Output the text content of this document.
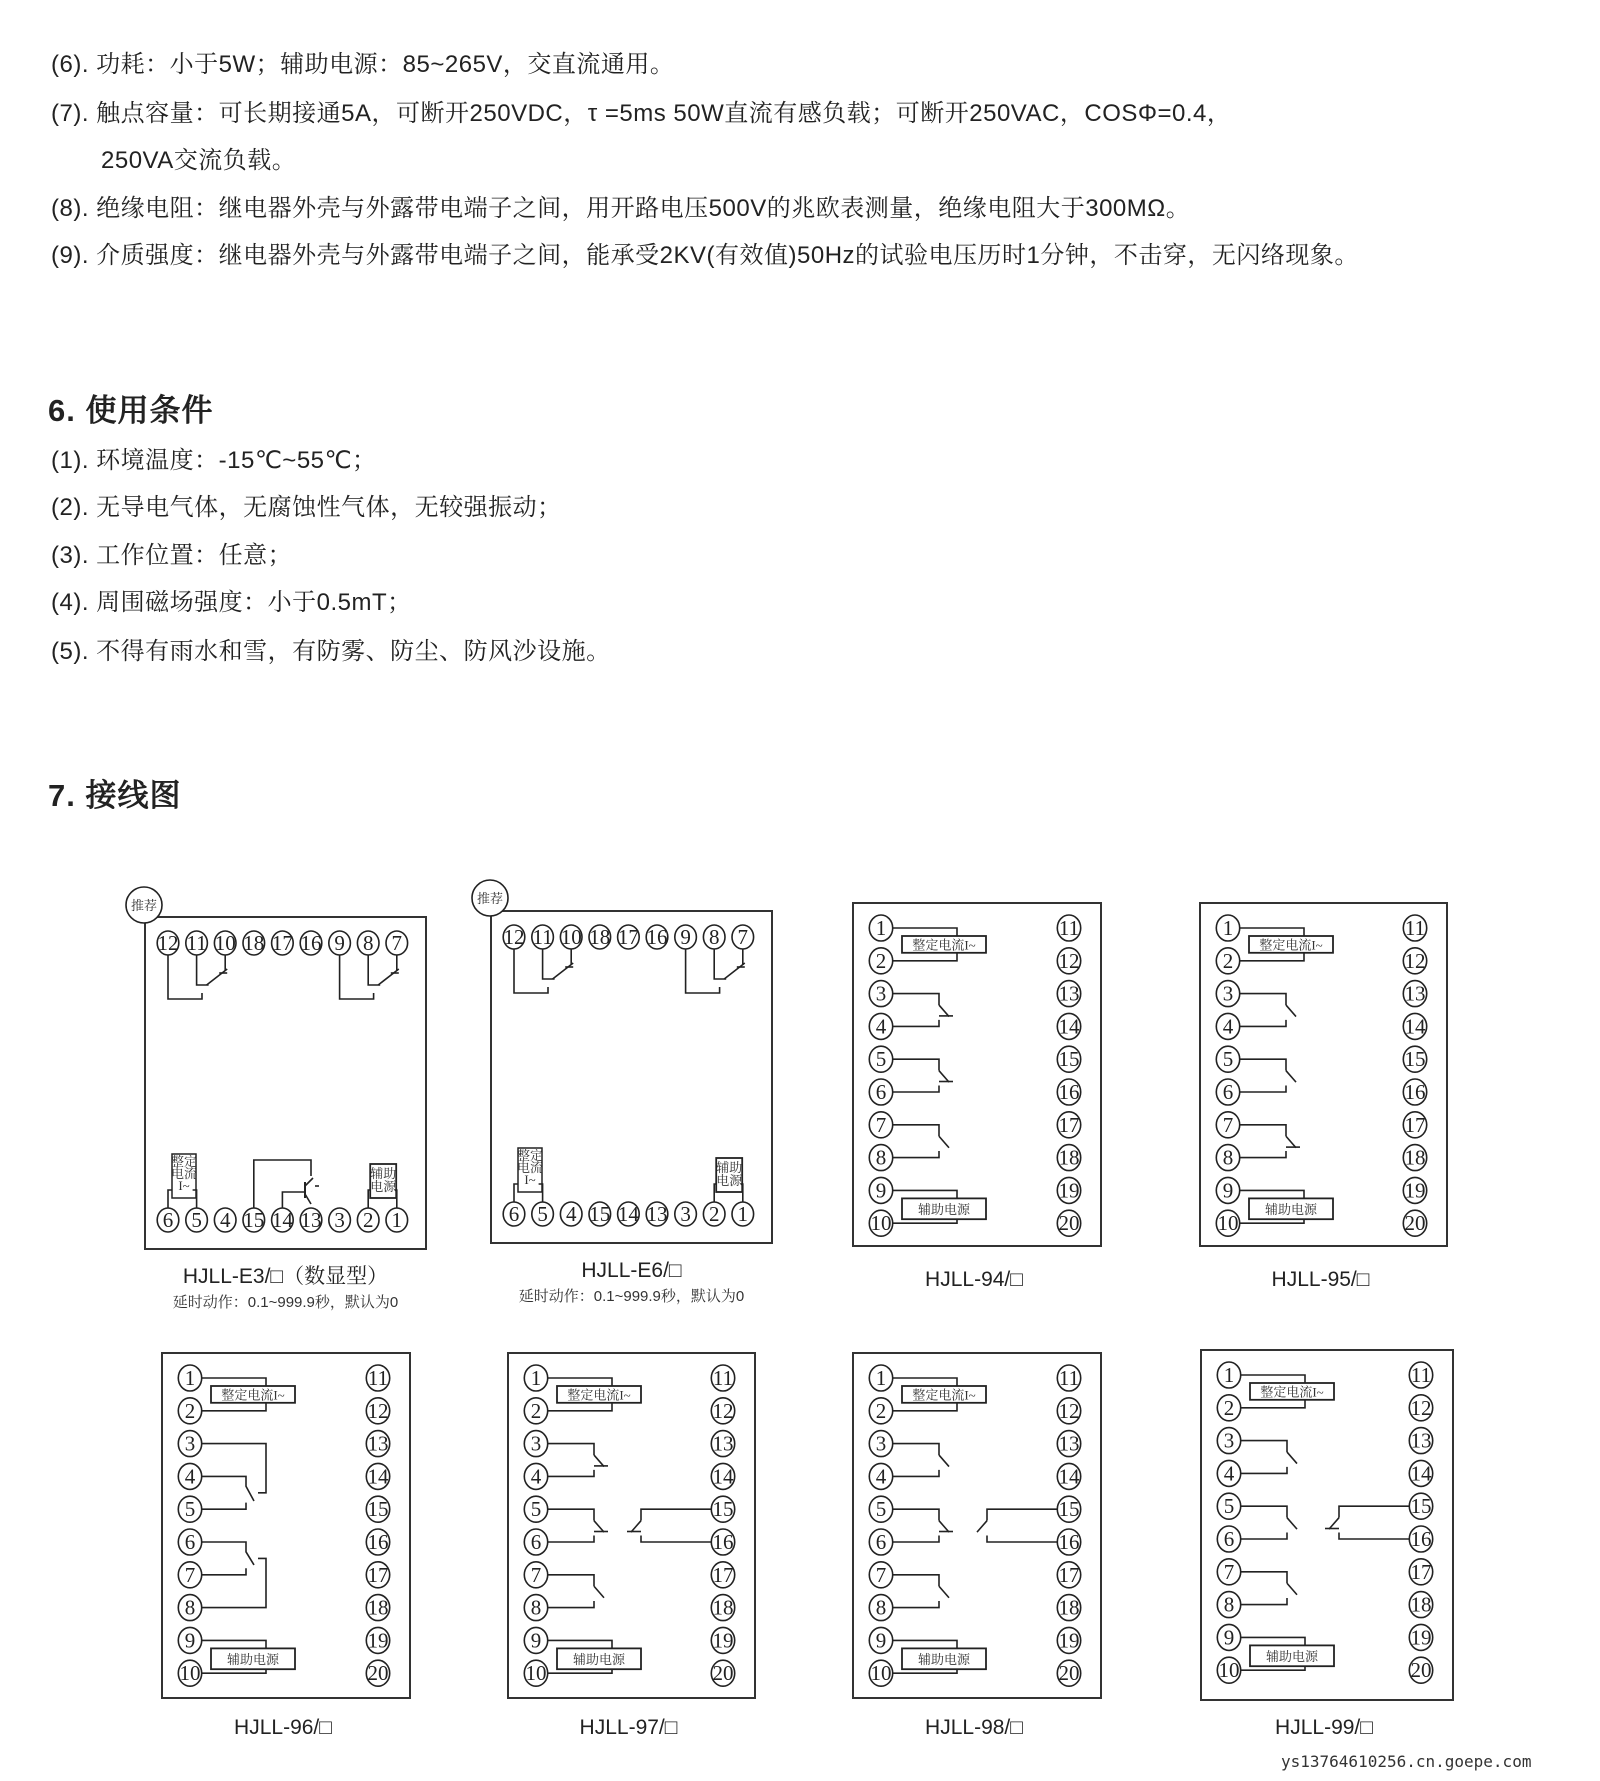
(6). 功耗：小于5W；辅助电源：85~265V，交直流通用。
(7). 触点容量：可长期接通5A，可断开250VDC，τ =5ms 50W直流有感负载；可断开250VAC，COSΦ=0.4，
250VA交流负载。
(8). 绝缘电阻：继电器外壳与外露带电端子之间，用开路电压500V的兆欧表测量，绝缘电阻大于300MΩ。
(9). 介质强度：继电器外壳与外露带电端子之间，能承受2KV(有效值)50Hz的试验电压历时1分钟，不击穿，无闪络现象。
6. 使用条件
(1). 环境温度：-15℃~55℃；
(2). 无导电气体，无腐蚀性气体，无较强振动；
(3). 工作位置：任意；
(4). 周围磁场强度：小于0.5mT；
(5). 不得有雨水和雪，有防雾、防尘、防风沙设施。
7. 接线图
整定电流I~
辅助电源
1
2
3
4
5
6
7
8
9
10
11
12
13
14
15
16
17
18
19
20
HJLL-94/□
整定电流I~
辅助电源
1
2
3
4
5
6
7
8
9
10
11
12
13
14
15
16
17
18
19
20
HJLL-95/□
整定电流I~
辅助电源
1
2
3
4
5
6
7
8
9
10
11
12
13
14
15
16
17
18
19
20
HJLL-96/□
整定电流I~
辅助电源
1
2
3
4
5
6
7
8
9
10
11
12
13
14
15
16
17
18
19
20
HJLL-97/□
整定电流I~
辅助电源
1
2
3
4
5
6
7
8
9
10
11
12
13
14
15
16
17
18
19
20
HJLL-98/□
整定电流I~
辅助电源
1
2
3
4
5
6
7
8
9
10
11
12
13
14
15
16
17
18
19
20
HJLL-99/□
推荐
整定
电流
I~
辅助
电源
12 11 10 18 17 16 9 8 7
6 5 4 15 14 13 3 2 1
HJLL-E3/□（数显型）
延时动作：0.1~999.9秒，默认为0
推荐
整定
电流
I~
辅助
电源
12 11 10 18 17 16 9 8 7
6 5 4 15 14 13 3 2 1
HJLL-E6/□
延时动作：0.1~999.9秒，默认为0
ys13764610256.cn.goepe.com
